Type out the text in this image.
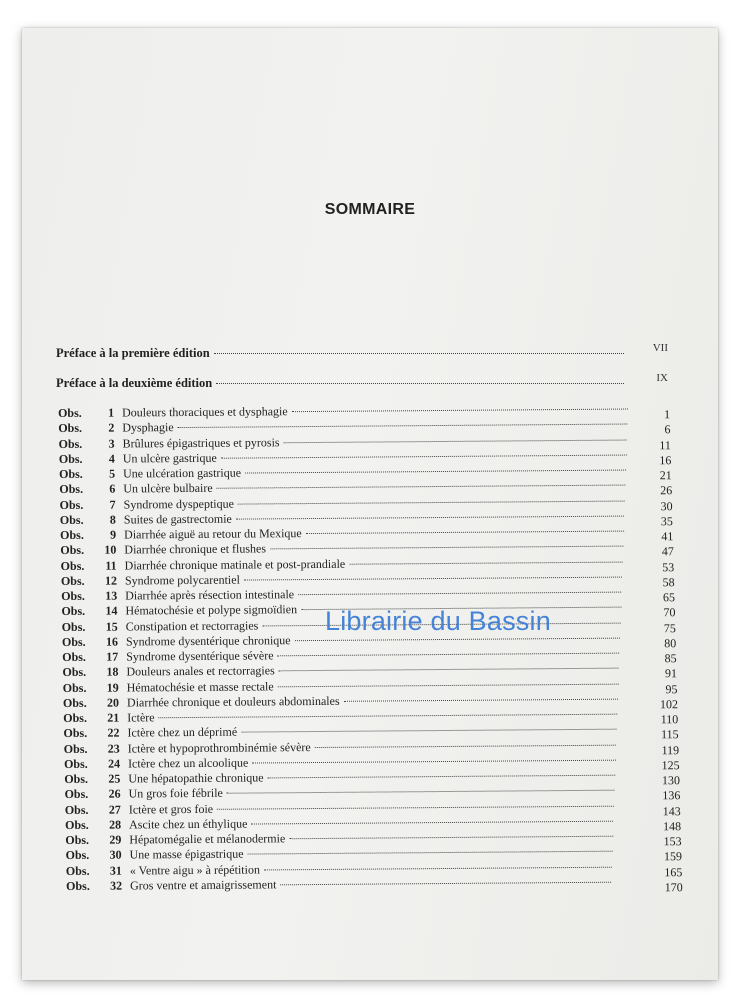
SOMMAIRE
Préface à la première édition	VII
Préface à la deuxième édition	IX
Obs.	1 Douleurs thoraciques et dysphagie	1
Obs.	2 Dysphagie	6
Obs.	3 Brûlures épigastriques et pyrosis	11
Obs.	4 Un ulcère gastrique	16
Obs.	5 Une ulcération gastrique	21
Obs.	6 Un ulcère bulbaire	26
Obs.	7 Syndrome dyspeptique	30
Obs.	8 Suites de gastrectomie	35
Obs.	9 Diarrhée aiguë au retour du Mexique	41
Obs.	10 Diarrhée chronique et flushes	47
Obs.	11 Diarrhée chronique matinale et post-prandiale	53
Obs.	12 Syndrome polycarentiel	58
Obs.	13 Diarrhée après résection intestinale	65
Obs.	14 Hématochésie et polype sigmoïdien	70
Obs.	15 Constipation et rectorragies	75
Obs.	16 Syndrome dysentérique chronique	80
Obs.	17 Syndrome dysentérique sévère	85
Obs.	18 Douleurs anales et rectorragies	91
Obs.	19 Hématochésie et masse rectale	95
Obs.	20 Diarrhée chronique et douleurs abdominales	102
Obs.	21 Ictère	110
Obs.	22 Ictère chez un déprimé	115
Obs.	23 Ictère et hypoprothrombinémie sévère	119
Obs.	24 Ictère chez un alcoolique	125
Obs.	25 Une hépatopathie chronique	130
Obs.	26 Un gros foie fébrile	136
Obs.	27 Ictère et gros foie	143
Obs.	28 Ascite chez un éthylique	148
Obs.	29 Hépatomégalie et mélanodermie	153
Obs.	30 Une masse épigastrique	159
Obs.	31 « Ventre aigu » à répétition	165
Obs.	32 Gros ventre et amaigrissement	170
Librairie du Bassin
